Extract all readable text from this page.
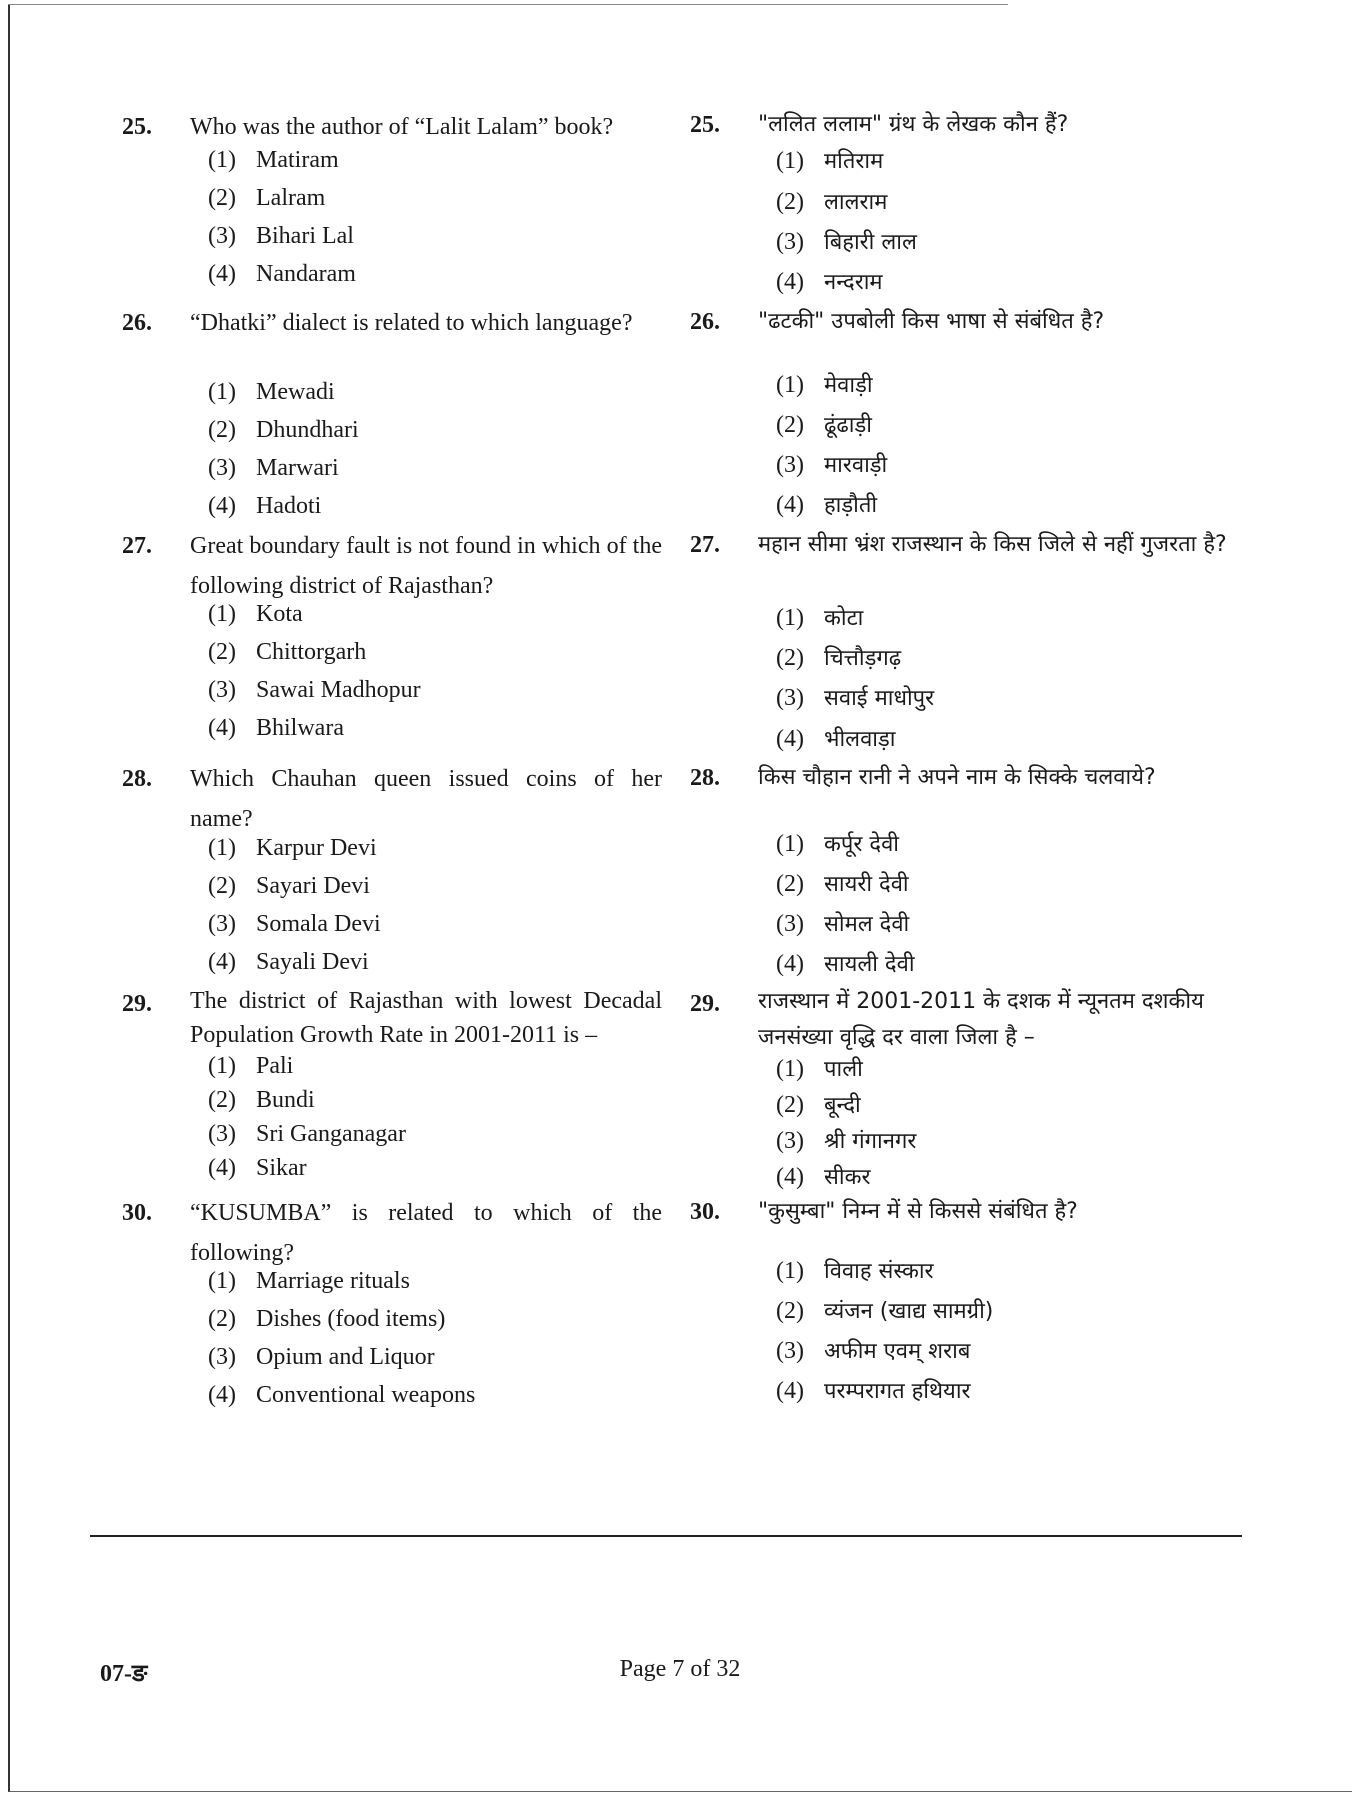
25. Who was the author of “Lalit Lalam” book?
(1) Matiram
(2) Lalram
(3) Bihari Lal
(4) Nandaram
26. “Dhatki” dialect is related to which language?
(1) Mewadi
(2) Dhundhari
(3) Marwari
(4) Hadoti
27. Great boundary fault is not found in which of the following district of Rajasthan?
(1) Kota
(2) Chittorgarh
(3) Sawai Madhopur
(4) Bhilwara
28. Which Chauhan queen issued coins of her name?
(1) Karpur Devi
(2) Sayari Devi
(3) Somala Devi
(4) Sayali Devi
29. The district of Rajasthan with lowest Decadal Population Growth Rate in 2001-2011 is –
(1) Pali
(2) Bundi
(3) Sri Ganganagar
(4) Sikar
30. “KUSUMBA” is related to which of the following?
(1) Marriage rituals
(2) Dishes (food items)
(3) Opium and Liquor
(4) Conventional weapons
25. "ललित ललाम" ग्रंथ के लेखक कौन हैं?
(1) मतिराम
(2) लालराम
(3) बिहारी लाल
(4) नन्दराम
26. "ढटकी" उपबोली किस भाषा से संबंधित है?
(1) मेवाड़ी
(2) ढूंढाड़ी
(3) मारवाड़ी
(4) हाड़ौती
27. महान सीमा भ्रंश राजस्थान के किस जिले से नहीं गुजरता है?
(1) कोटा
(2) चित्तौड़गढ़
(3) सवाई माधोपुर
(4) भीलवाड़ा
28. किस चौहान रानी ने अपने नाम के सिक्के चलवाये?
(1) कर्पूर देवी
(2) सायरी देवी
(3) सोमल देवी
(4) सायली देवी
29. राजस्थान में 2001-2011 के दशक में न्यूनतम दशकीय जनसंख्या वृद्धि दर वाला जिला है –
(1) पाली
(2) बून्दी
(3) श्री गंगानगर
(4) सीकर
30. "कुसुम्बा" निम्न में से किससे संबंधित है?
(1) विवाह संस्कार
(2) व्यंजन (खाद्य सामग्री)
(3) अफीम एवम् शराब
(4) परम्परागत हथियार
07-ङ	Page 7 of 32
